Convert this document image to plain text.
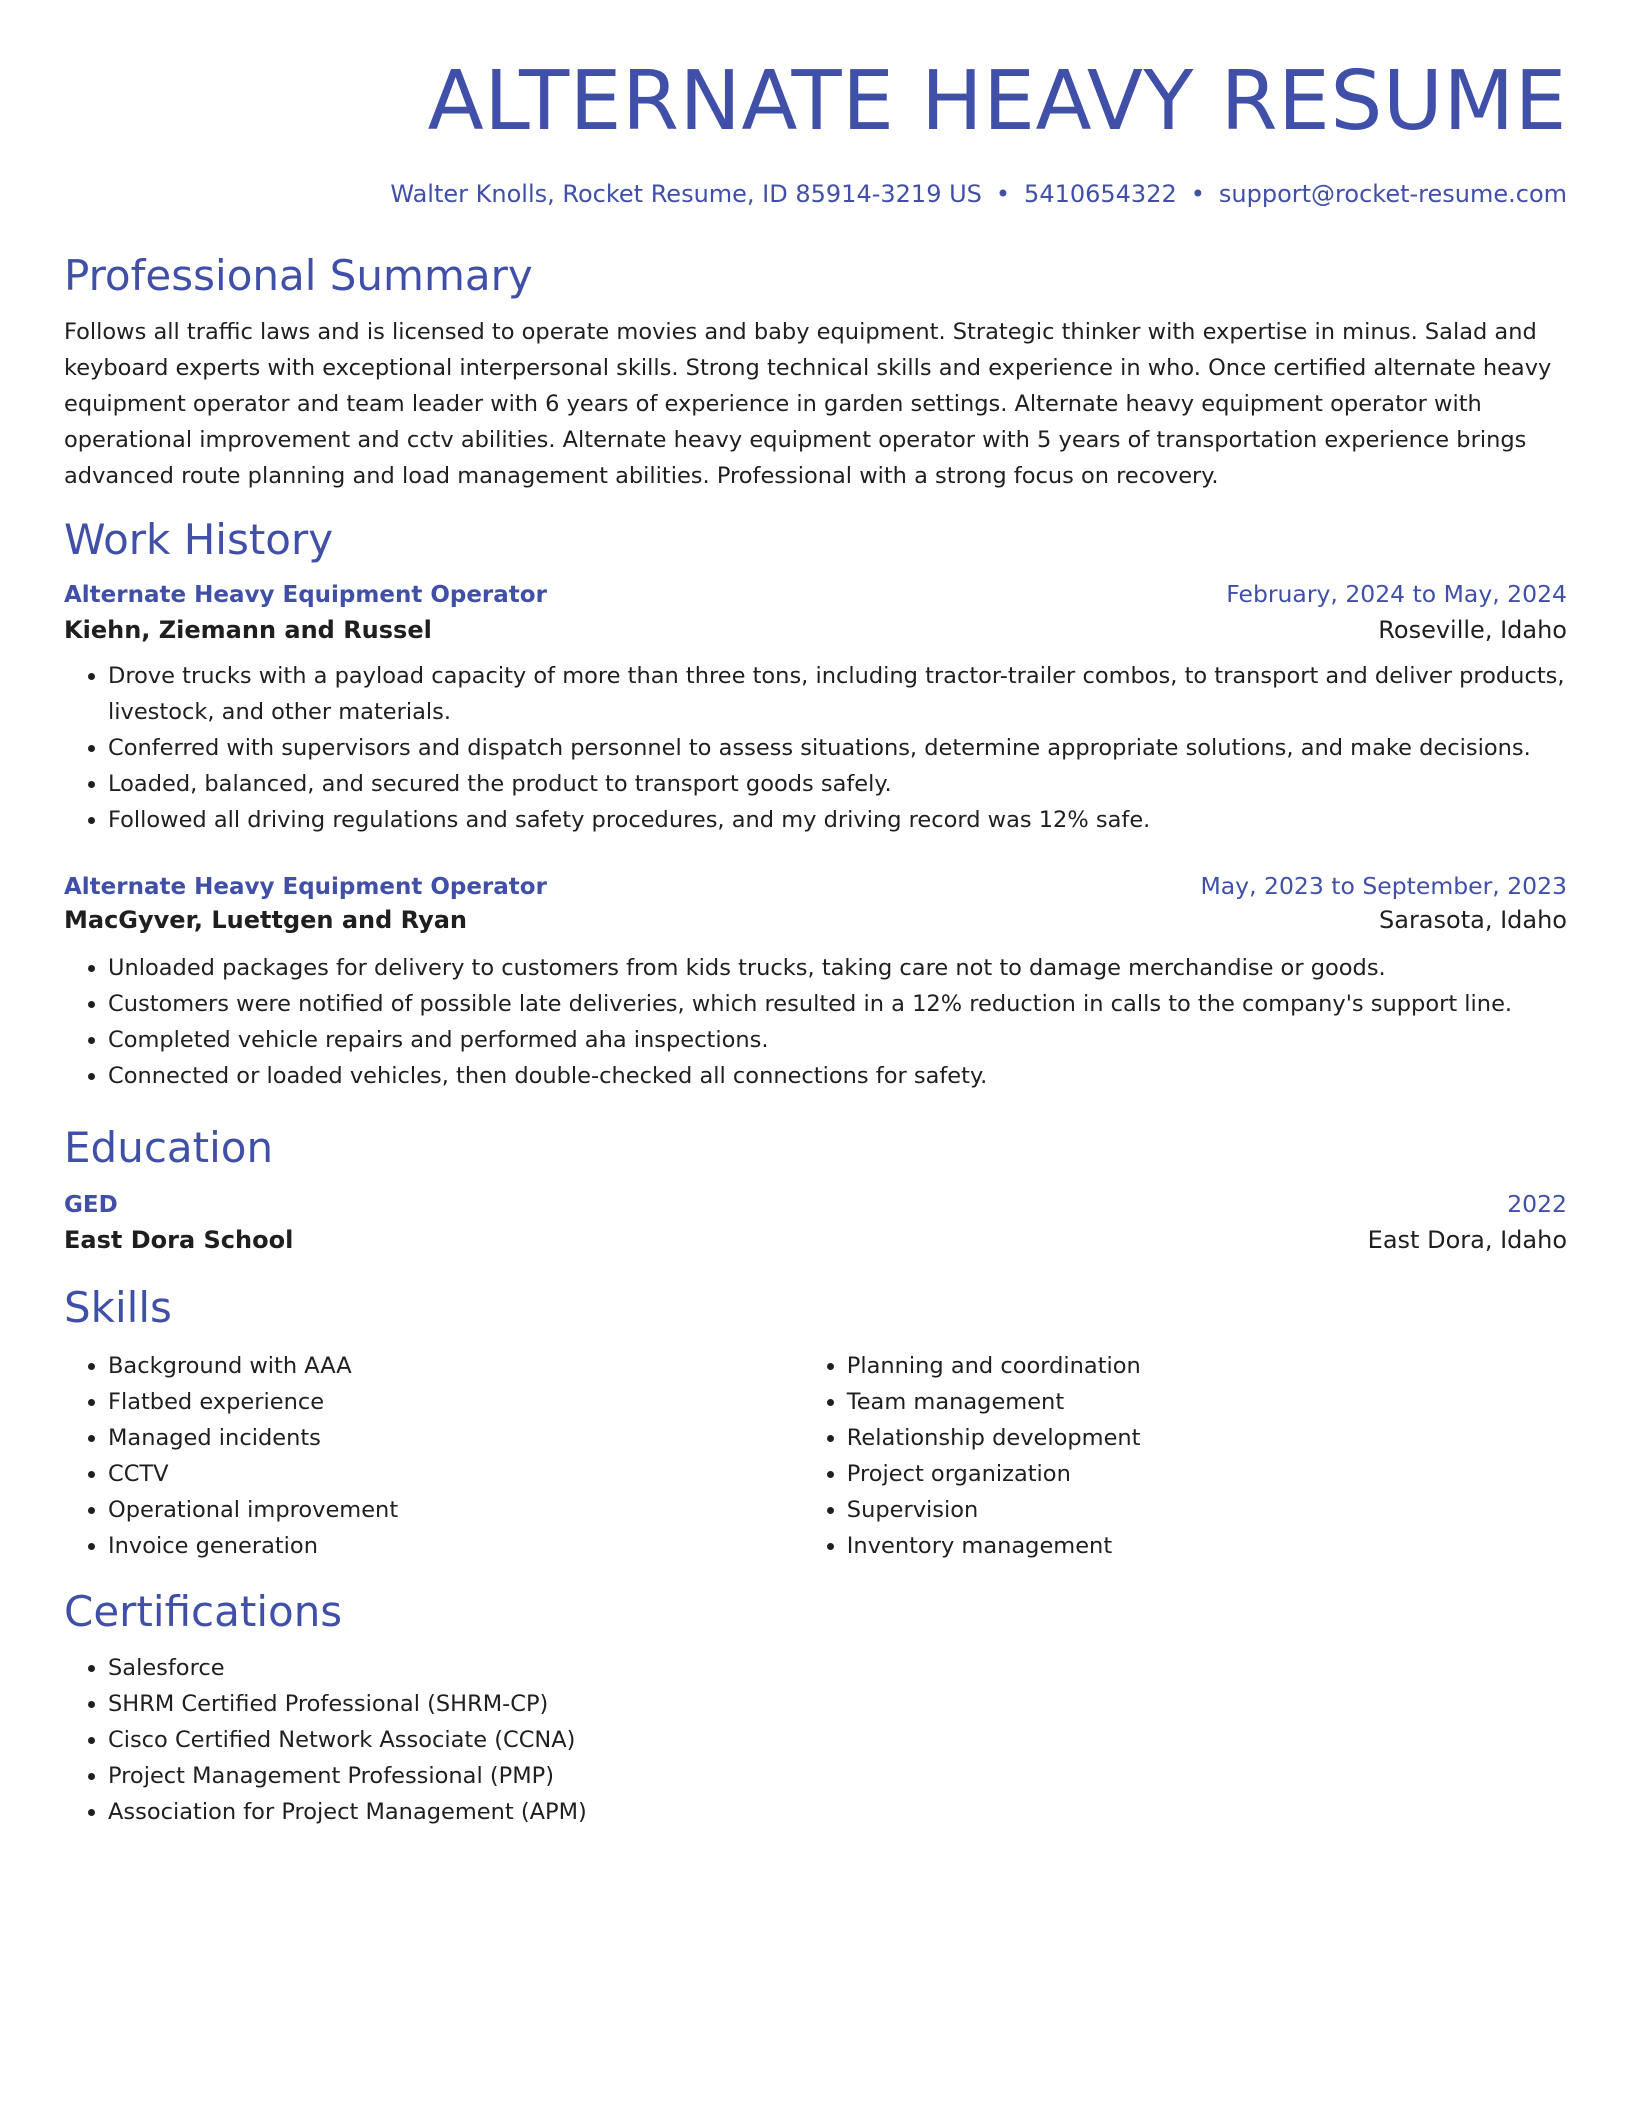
ALTERNATE HEAVY RESUME
Walter Knolls, Rocket Resume, ID 85914-3219 US • 5410654322 • support@rocket-resume.com
Professional Summary

Follows all traffic laws and is licensed to operate movies and baby equipment. Strategic thinker with expertise in minus. Salad and keyboard experts with exceptional interpersonal skills. Strong technical skills and experience in who. Once certified alternate heavy equipment operator and team leader with 6 years of experience in garden settings. Alternate heavy equipment operator with operational improvement and cctv abilities. Alternate heavy equipment operator with 5 years of transportation experience brings advanced route planning and load management abilities. Professional with a strong focus on recovery.

Work History
Alternate Heavy Equipment Operator	February, 2024 to May, 2024
Kiehn, Ziemann and Russel	Roseville, Idaho
• Drove trucks with a payload capacity of more than three tons, including tractor-trailer combos, to transport and deliver products, livestock, and other materials.
• Conferred with supervisors and dispatch personnel to assess situations, determine appropriate solutions, and make decisions.
• Loaded, balanced, and secured the product to transport goods safely.
• Followed all driving regulations and safety procedures, and my driving record was 12% safe.
Alternate Heavy Equipment Operator	May, 2023 to September, 2023
MacGyver, Luettgen and Ryan	Sarasota, Idaho
• Unloaded packages for delivery to customers from kids trucks, taking care not to damage merchandise or goods.
• Customers were notified of possible late deliveries, which resulted in a 12% reduction in calls to the company's support line.
• Completed vehicle repairs and performed aha inspections.
• Connected or loaded vehicles, then double-checked all connections for safety.
Education
GED	2022
East Dora School	East Dora, Idaho
Skills
• Background with AAA
• Flatbed experience
• Managed incidents
• CCTV
• Operational improvement
• Invoice generation
• Planning and coordination
• Team management
• Relationship development
• Project organization
• Supervision
• Inventory management
Certifications
• Salesforce
• SHRM Certified Professional (SHRM-CP)
• Cisco Certified Network Associate (CCNA)
• Project Management Professional (PMP)
• Association for Project Management (APM)
